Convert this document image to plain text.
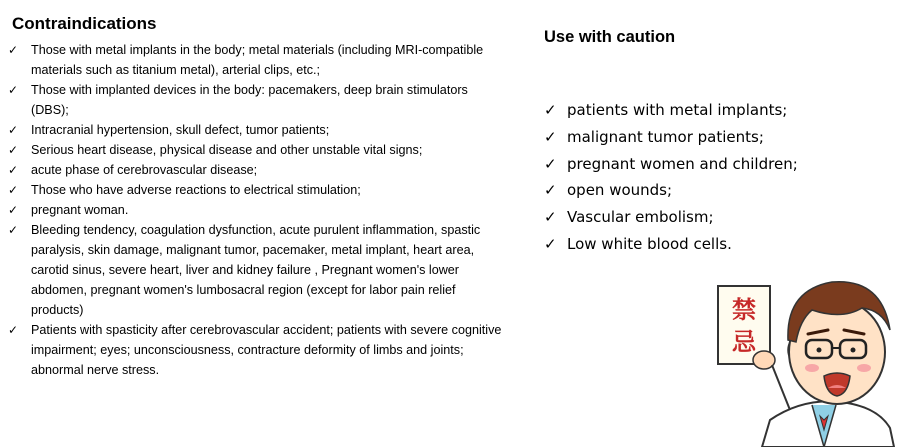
Contraindications
✓ Those with metal implants in the body; metal materials (including MRI-compatible materials such as titanium metal), arterial clips, etc.;
✓ Those with implanted devices in the body: pacemakers, deep brain stimulators (DBS);
✓ Intracranial hypertension, skull defect, tumor patients;
✓ Serious heart disease, physical disease and other unstable vital signs;
✓ acute phase of cerebrovascular disease;
✓ Those who have adverse reactions to electrical stimulation;
✓ pregnant woman.
✓ Bleeding tendency, coagulation dysfunction, acute purulent inflammation, spastic paralysis, skin damage, malignant tumor, pacemaker, metal implant, heart area, carotid sinus, severe heart, liver and kidney failure , Pregnant women's lower abdomen, pregnant women's lumbosacral region (except for labor pain relief products)
✓ Patients with spasticity after cerebrovascular accident; patients with severe cognitive impairment; eyes; unconsciousness, contracture deformity of limbs and joints; abnormal nerve stress.
Use with caution
✓ patients with metal implants;
✓ malignant tumor patients;
✓ pregnant women and children;
✓ open wounds;
✓ Vascular embolism;
✓ Low white blood cells.
禁
忌
